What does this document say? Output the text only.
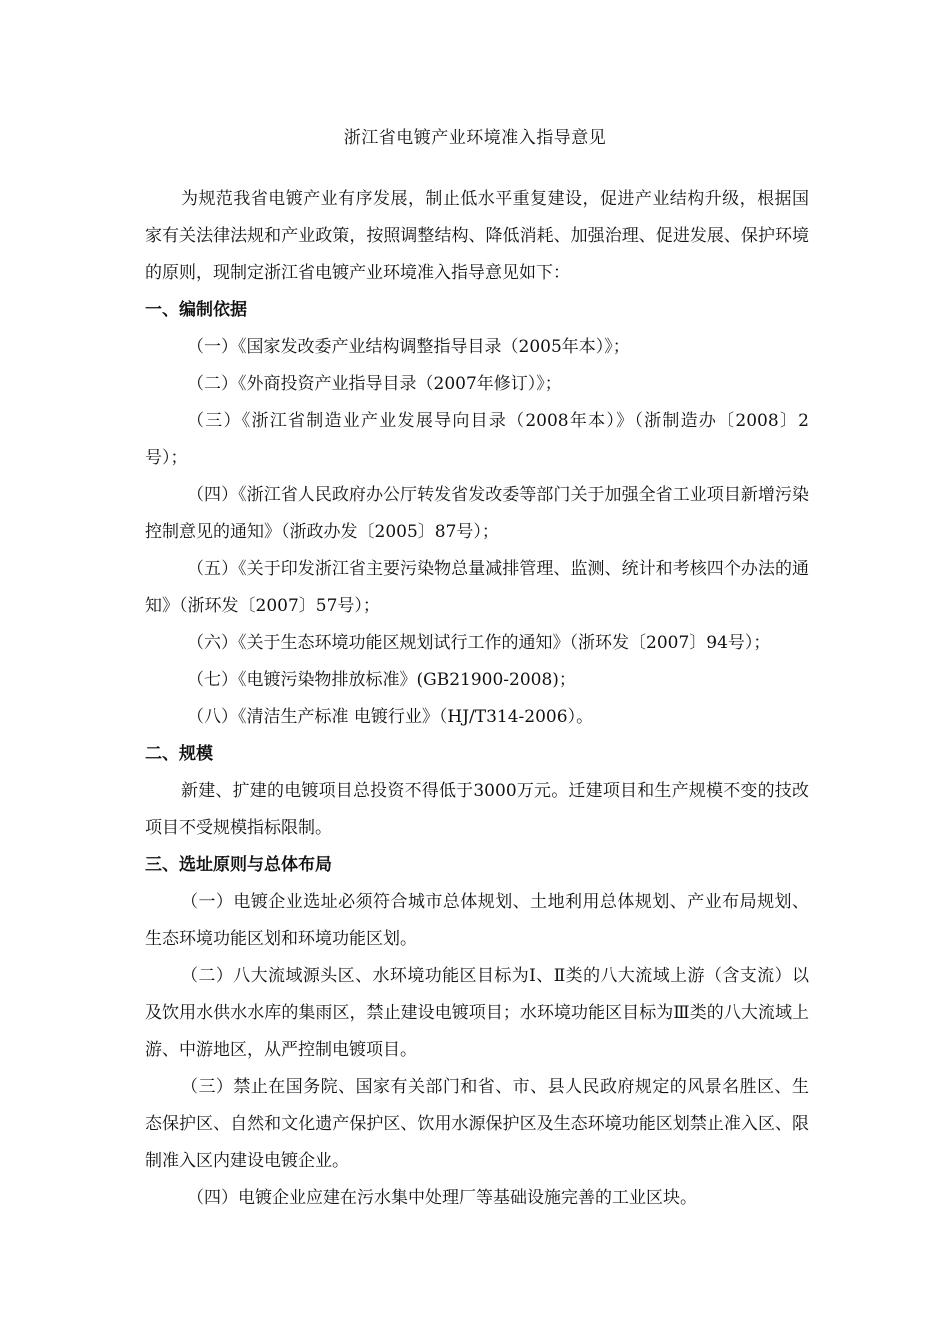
浙江省电镀产业环境准入指导意见

为规范我省电镀产业有序发展，制止低水平重复建设，促进产业结构升级，根据国家有关法律法规和产业政策，按照调整结构、降低消耗、加强治理、促进发展、保护环境的原则，现制定浙江省电镀产业环境准入指导意见如下：

一、编制依据

（一）《国家发改委产业结构调整指导目录（2005年本）》；

（二）《外商投资产业指导目录（2007年修订）》；

（三）《浙江省制造业产业发展导向目录（2008年本）》（浙制造办〔2008〕2号）；

（四）《浙江省人民政府办公厅转发省发改委等部门关于加强全省工业项目新增污染控制意见的通知》（浙政办发〔2005〕87号）；

（五）《关于印发浙江省主要污染物总量减排管理、监测、统计和考核四个办法的通知》（浙环发〔2007〕57号）；

（六）《关于生态环境功能区规划试行工作的通知》（浙环发〔2007〕94号）；

（七）《电镀污染物排放标准》(GB21900-2008)；

（八）《清洁生产标准 电镀行业》（HJ/T314-2006）。

二、规模

新建、扩建的电镀项目总投资不得低于3000万元。迁建项目和生产规模不变的技改项目不受规模指标限制。

三、选址原则与总体布局

（一）电镀企业选址必须符合城市总体规划、土地利用总体规划、产业布局规划、生态环境功能区划和环境功能区划。

（二）八大流域源头区、水环境功能区目标为Ⅰ、Ⅱ类的八大流域上游（含支流）以及饮用水供水水库的集雨区，禁止建设电镀项目；水环境功能区目标为Ⅲ类的八大流域上游、中游地区，从严控制电镀项目。

（三）禁止在国务院、国家有关部门和省、市、县人民政府规定的风景名胜区、生态保护区、自然和文化遗产保护区、饮用水源保护区及生态环境功能区划禁止准入区、限制准入区内建设电镀企业。

（四）电镀企业应建在污水集中处理厂等基础设施完善的工业区块。
